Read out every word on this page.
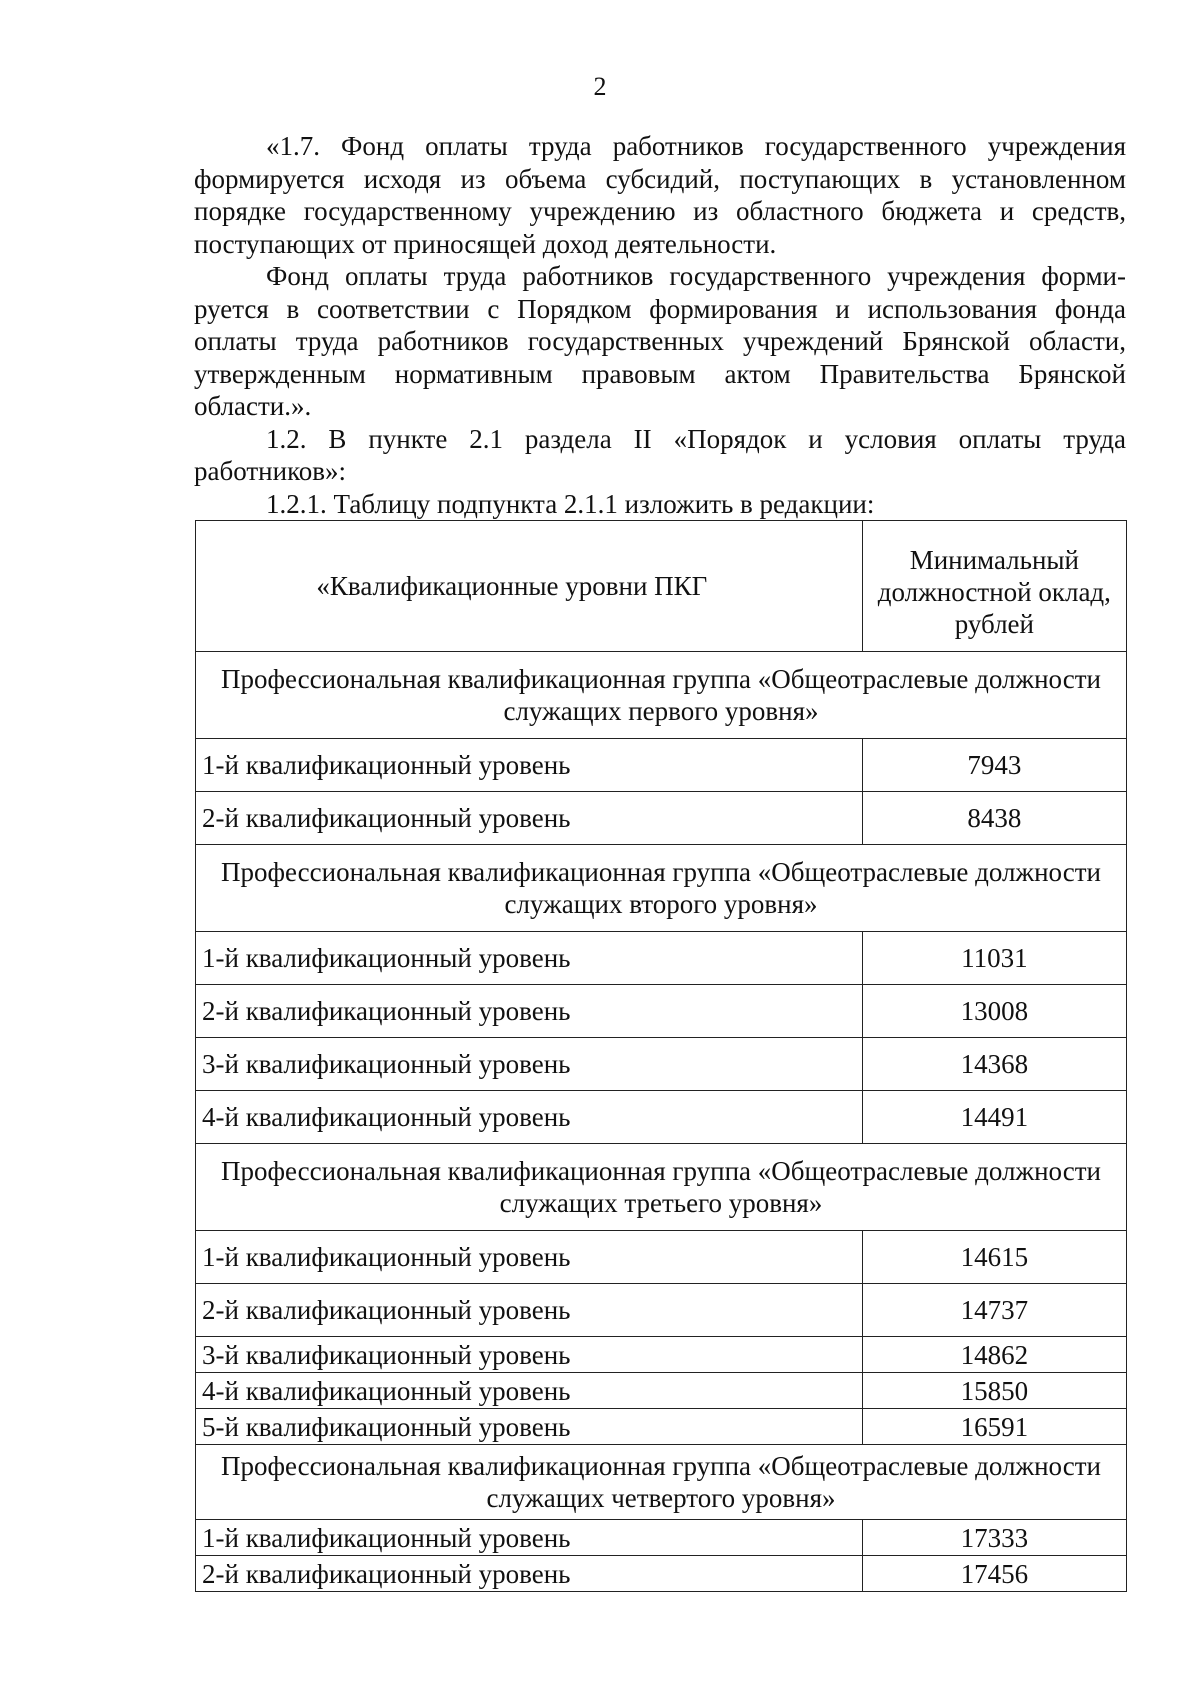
2

«1.7. Фонд оплаты труда работников государственного учреждения формируется исходя из объема субсидий, поступающих в установленном порядке государственному учреждению из областного бюджета и средств, поступающих от приносящей доход деятельности.

Фонд оплаты труда работников государственного учреждения формируется в соответствии с Порядком формирования и использования фонда оплаты труда работников государственных учреждений Брянской области, утвержденным нормативным правовым актом Правительства Брянской области.».

1.2. В пункте 2.1 раздела II «Порядок и условия оплаты труда работников»:

1.2.1. Таблицу подпункта 2.1.1 изложить в редакции:

«Квалификационные уровни ПКГ	Минимальный должностной оклад, рублей
Профессиональная квалификационная группа «Общеотраслевые должности служащих первого уровня»	
1-й квалификационный уровень	7943
2-й квалификационный уровень	8438
Профессиональная квалификационная группа «Общеотраслевые должности служащих второго уровня»	
1-й квалификационный уровень	11031
2-й квалификационный уровень	13008
3-й квалификационный уровень	14368
4-й квалификационный уровень	14491
Профессиональная квалификационная группа «Общеотраслевые должности служащих третьего уровня»	
1-й квалификационный уровень	14615
2-й квалификационный уровень	14737
3-й квалификационный уровень	14862
4-й квалификационный уровень	15850
5-й квалификационный уровень	16591
Профессиональная квалификационная группа «Общеотраслевые должности служащих четвертого уровня»	
1-й квалификационный уровень	17333
2-й квалификационный уровень	17456
